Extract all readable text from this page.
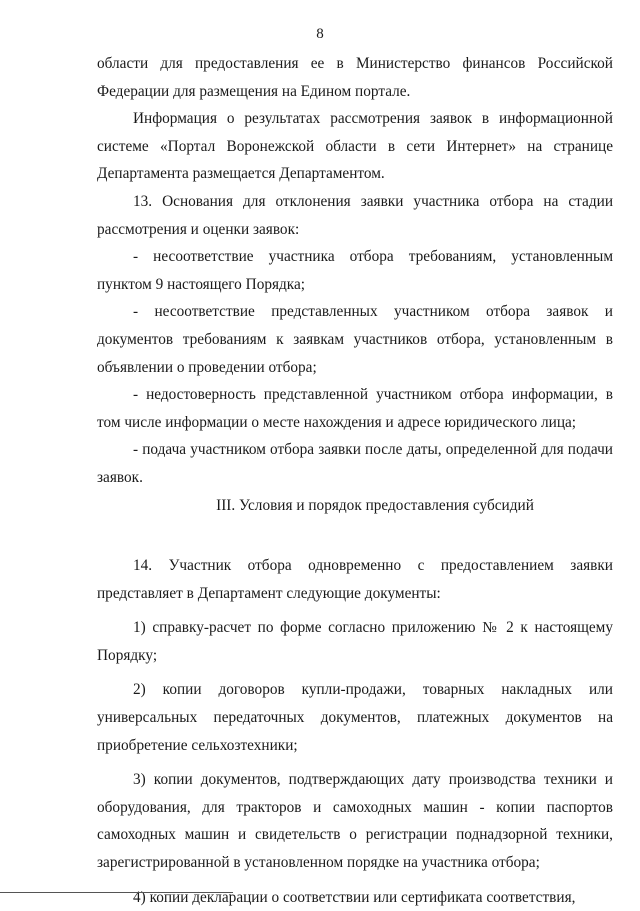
8

области для предоставления ее в Министерство финансов Российской Федерации для размещения на Едином портале.

Информация о результатах рассмотрения заявок в информационной системе «Портал Воронежской области в сети Интернет» на странице Департамента размещается Департаментом.

13. Основания для отклонения заявки участника отбора на стадии рассмотрения и оценки заявок:

- несоответствие участника отбора требованиям, установленным пунктом 9 настоящего Порядка;

- несоответствие представленных участником отбора заявок и документов требованиям к заявкам участников отбора, установленным в объявлении о проведении отбора;

- недостоверность представленной участником отбора информации, в том числе информации о месте нахождения и адресе юридического лица;

- подача участником отбора заявки после даты, определенной для подачи заявок.

III. Условия и порядок предоставления субсидий

14. Участник отбора одновременно с предоставлением заявки представляет в Департамент следующие документы:

1) справку-расчет по форме согласно приложению № 2 к настоящему Порядку;

2) копии договоров купли-продажи, товарных накладных или универсальных передаточных документов, платежных документов на приобретение сельхозтехники;

3) копии документов, подтверждающих дату производства техники и оборудования, для тракторов и самоходных машин - копии паспортов самоходных машин и свидетельств о регистрации поднадзорной техники, зарегистрированной в установленном порядке на участника отбора;

4) копии декларации о соответствии или сертификата соответствия,
